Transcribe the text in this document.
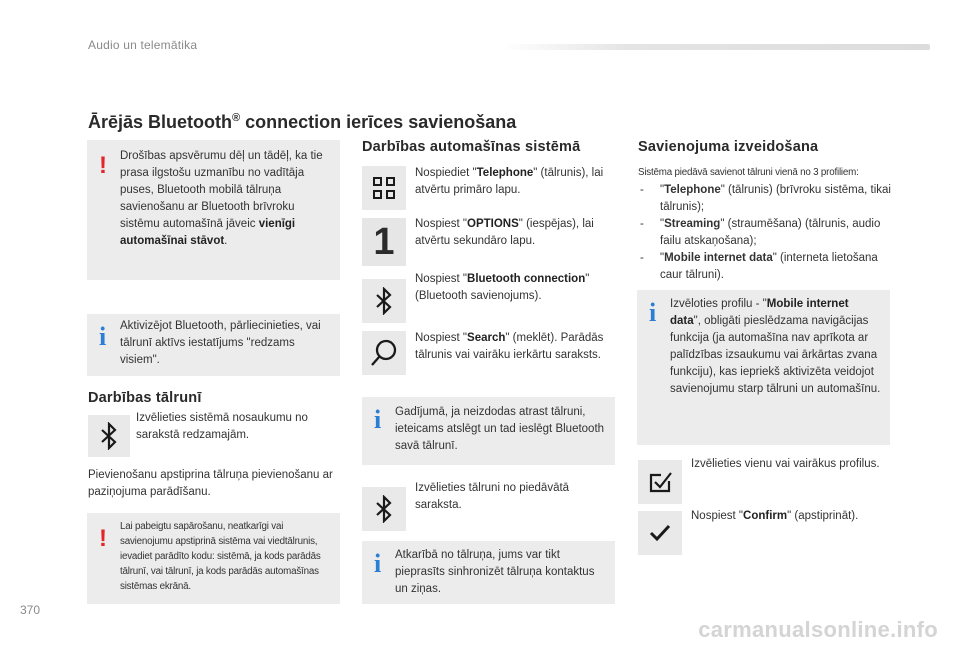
Audio un telemātika
370
carmanualsonline.info
Ārējās Bluetooth® connection ierīces savienošana
! Drošības apsvērumu dēļ un tādēļ, ka tie prasa ilgstošu uzmanību no vadītāja puses, Bluetooth mobilā tālruņa savienošanu ar Bluetooth brīvroku sistēmu automašīnā jāveic vienīgi automašīnai stāvot.
i Aktivizējot Bluetooth, pārliecinieties, vai tālrunī aktīvs iestatījums "redzams visiem".
Darbības tālrunī
Izvēlieties sistēmā nosaukumu no sarakstā redzamajām.
Pievienošanu apstiprina tālruņa pievienošanu ar paziņojuma parādīšanu.
! Lai pabeigtu sapārošanu, neatkarīgi vai savienojumu apstiprinā sistēma vai viedtālrunis, ievadiet parādīto kodu: sistēmā, ja kods parādās tālrunī, vai tālrunī, ja kods parādās automašīnas sistēmas ekrānā.
Darbības automašīnas sistēmā
Nospiediet "Telephone" (tālrunis), lai atvērtu primāro lapu.
1 Nospiest "OPTIONS" (iespējas), lai atvērtu sekundāro lapu.
Nospiest "Bluetooth connection" (Bluetooth savienojums).
Nospiest "Search" (meklēt). Parādās tālrunis vai vairāku ierkārtu saraksts.
i Gadījumā, ja neizdodas atrast tālruni, ieteicams atslēgt un tad ieslēgt Bluetooth savā tālrunī.
Izvēlieties tālruni no piedāvātā saraksta.
i Atkarībā no tālruņa, jums var tikt pieprasīts sinhronizēt tālruņa kontaktus un ziņas.
Savienojuma izveidošana
Sistēma piedāvā savienot tālruni vienā no 3 profiliem:
- "Telephone" (tālrunis) (brīvroku sistēma, tikai tālrunis);
- "Streaming" (straumēšana) (tālrunis, audio failu atskaņošana);
- "Mobile internet data" (interneta lietošana caur tālruni).
i Izvēloties profilu - "Mobile internet data", obligāti pieslēdzama navigācijas funkcija (ja automašīna nav aprīkota ar palīdzības izsaukumu vai ārkārtas zvana funkciju), kas iepriekš aktivizēta veidojot savienojumu starp tālruni un automašīnu.
Izvēlieties vienu vai vairākus profilus.
Nospiest "Confirm" (apstiprināt).
